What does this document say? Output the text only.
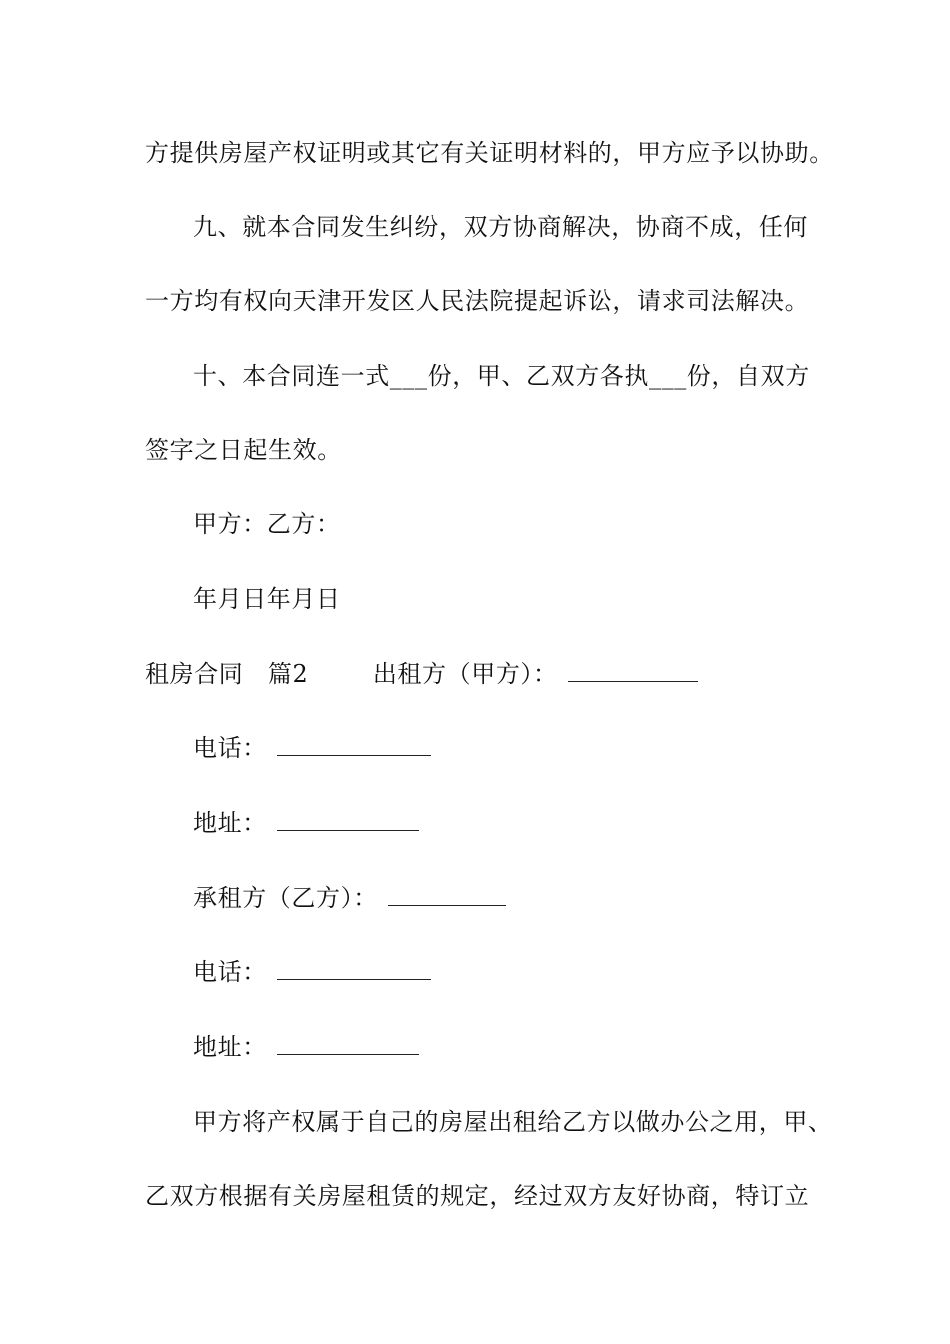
方提供房屋产权证明或其它有关证明材料的，甲方应予以协助。
九、就本合同发生纠纷，双方协商解决，协商不成，任何
一方均有权向天津开发区人民法院提起诉讼，请求司法解决。
十、本合同连一式___份，甲、乙双方各执___份，自双方
签字之日起生效。
甲方：乙方：
年月日年月日
租房合同 篇2	出租方（甲方）：
电话：
地址：
承租方（乙方）：
电话：
地址：
甲方将产权属于自己的房屋出租给乙方以做办公之用，甲、
乙双方根据有关房屋租赁的规定，经过双方友好协商，特订立
